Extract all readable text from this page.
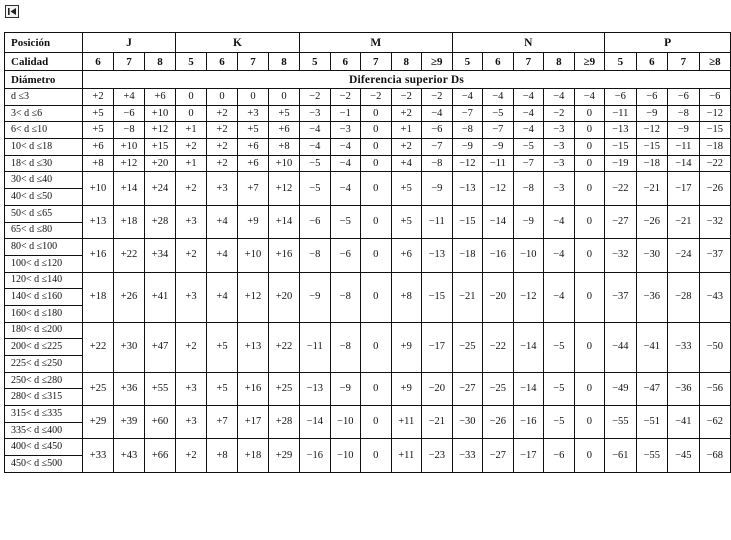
Posición	J			K				M					N					P			
Calidad	6	7	8	5	6	7	8	5	6	7	8	≥9	5	6	7	8	≥9	5	6	7	≥8
Diámetro	Diferencia superior Ds																				
d ≤3	+2	+4	+6	0	0	0	0	−2	−2	−2	−2	−2	−4	−4	−4	−4	−4	−6	−6	−6	−6
3< d ≤6	+5	−6	+10	0	+2	+3	+5	−3	−1	0	+2	−4	−7	−5	−4	−2	0	−11	−9	−8	−12
6< d ≤10	+5	−8	+12	+1	+2	+5	+6	−4	−3	0	+1	−6	−8	−7	−4	−3	0	−13	−12	−9	−15
10< d ≤18	+6	+10	+15	+2	+2	+6	+8	−4	−4	0	+2	−7	−9	−9	−5	−3	0	−15	−15	−11	−18
18< d ≤30	+8	+12	+20	+1	+2	+6	+10	−5	−4	0	+4	−8	−12	−11	−7	−3	0	−19	−18	−14	−22
30< d ≤40	+10	+14	+24	+2	+3	+7	+12	−5	−4	0	+5	−9	−13	−12	−8	−3	0	−22	−21	−17	−26
40< d ≤50																					
50< d ≤65	+13	+18	+28	+3	+4	+9	+14	−6	−5	0	+5	−11	−15	−14	−9	−4	0	−27	−26	−21	−32
65< d ≤80																					
80< d ≤100	+16	+22	+34	+2	+4	+10	+16	−8	−6	0	+6	−13	−18	−16	−10	−4	0	−32	−30	−24	−37
100< d ≤120																					
120< d ≤140	+18	+26	+41	+3	+4	+12	+20	−9	−8	0	+8	−15	−21	−20	−12	−4	0	−37	−36	−28	−43
140< d ≤160																					
160< d ≤180																					
180< d ≤200	+22	+30	+47	+2	+5	+13	+22	−11	−8	0	+9	−17	−25	−22	−14	−5	0	−44	−41	−33	−50
200< d ≤225																					
225< d ≤250																					
250< d ≤280	+25	+36	+55	+3	+5	+16	+25	−13	−9	0	+9	−20	−27	−25	−14	−5	0	−49	−47	−36	−56
280< d ≤315																					
315< d ≤335	+29	+39	+60	+3	+7	+17	+28	−14	−10	0	+11	−21	−30	−26	−16	−5	0	−55	−51	−41	−62
335< d ≤400																					
400< d ≤450	+33	+43	+66	+2	+8	+18	+29	−16	−10	0	+11	−23	−33	−27	−17	−6	0	−61	−55	−45	−68
450< d ≤500																					
